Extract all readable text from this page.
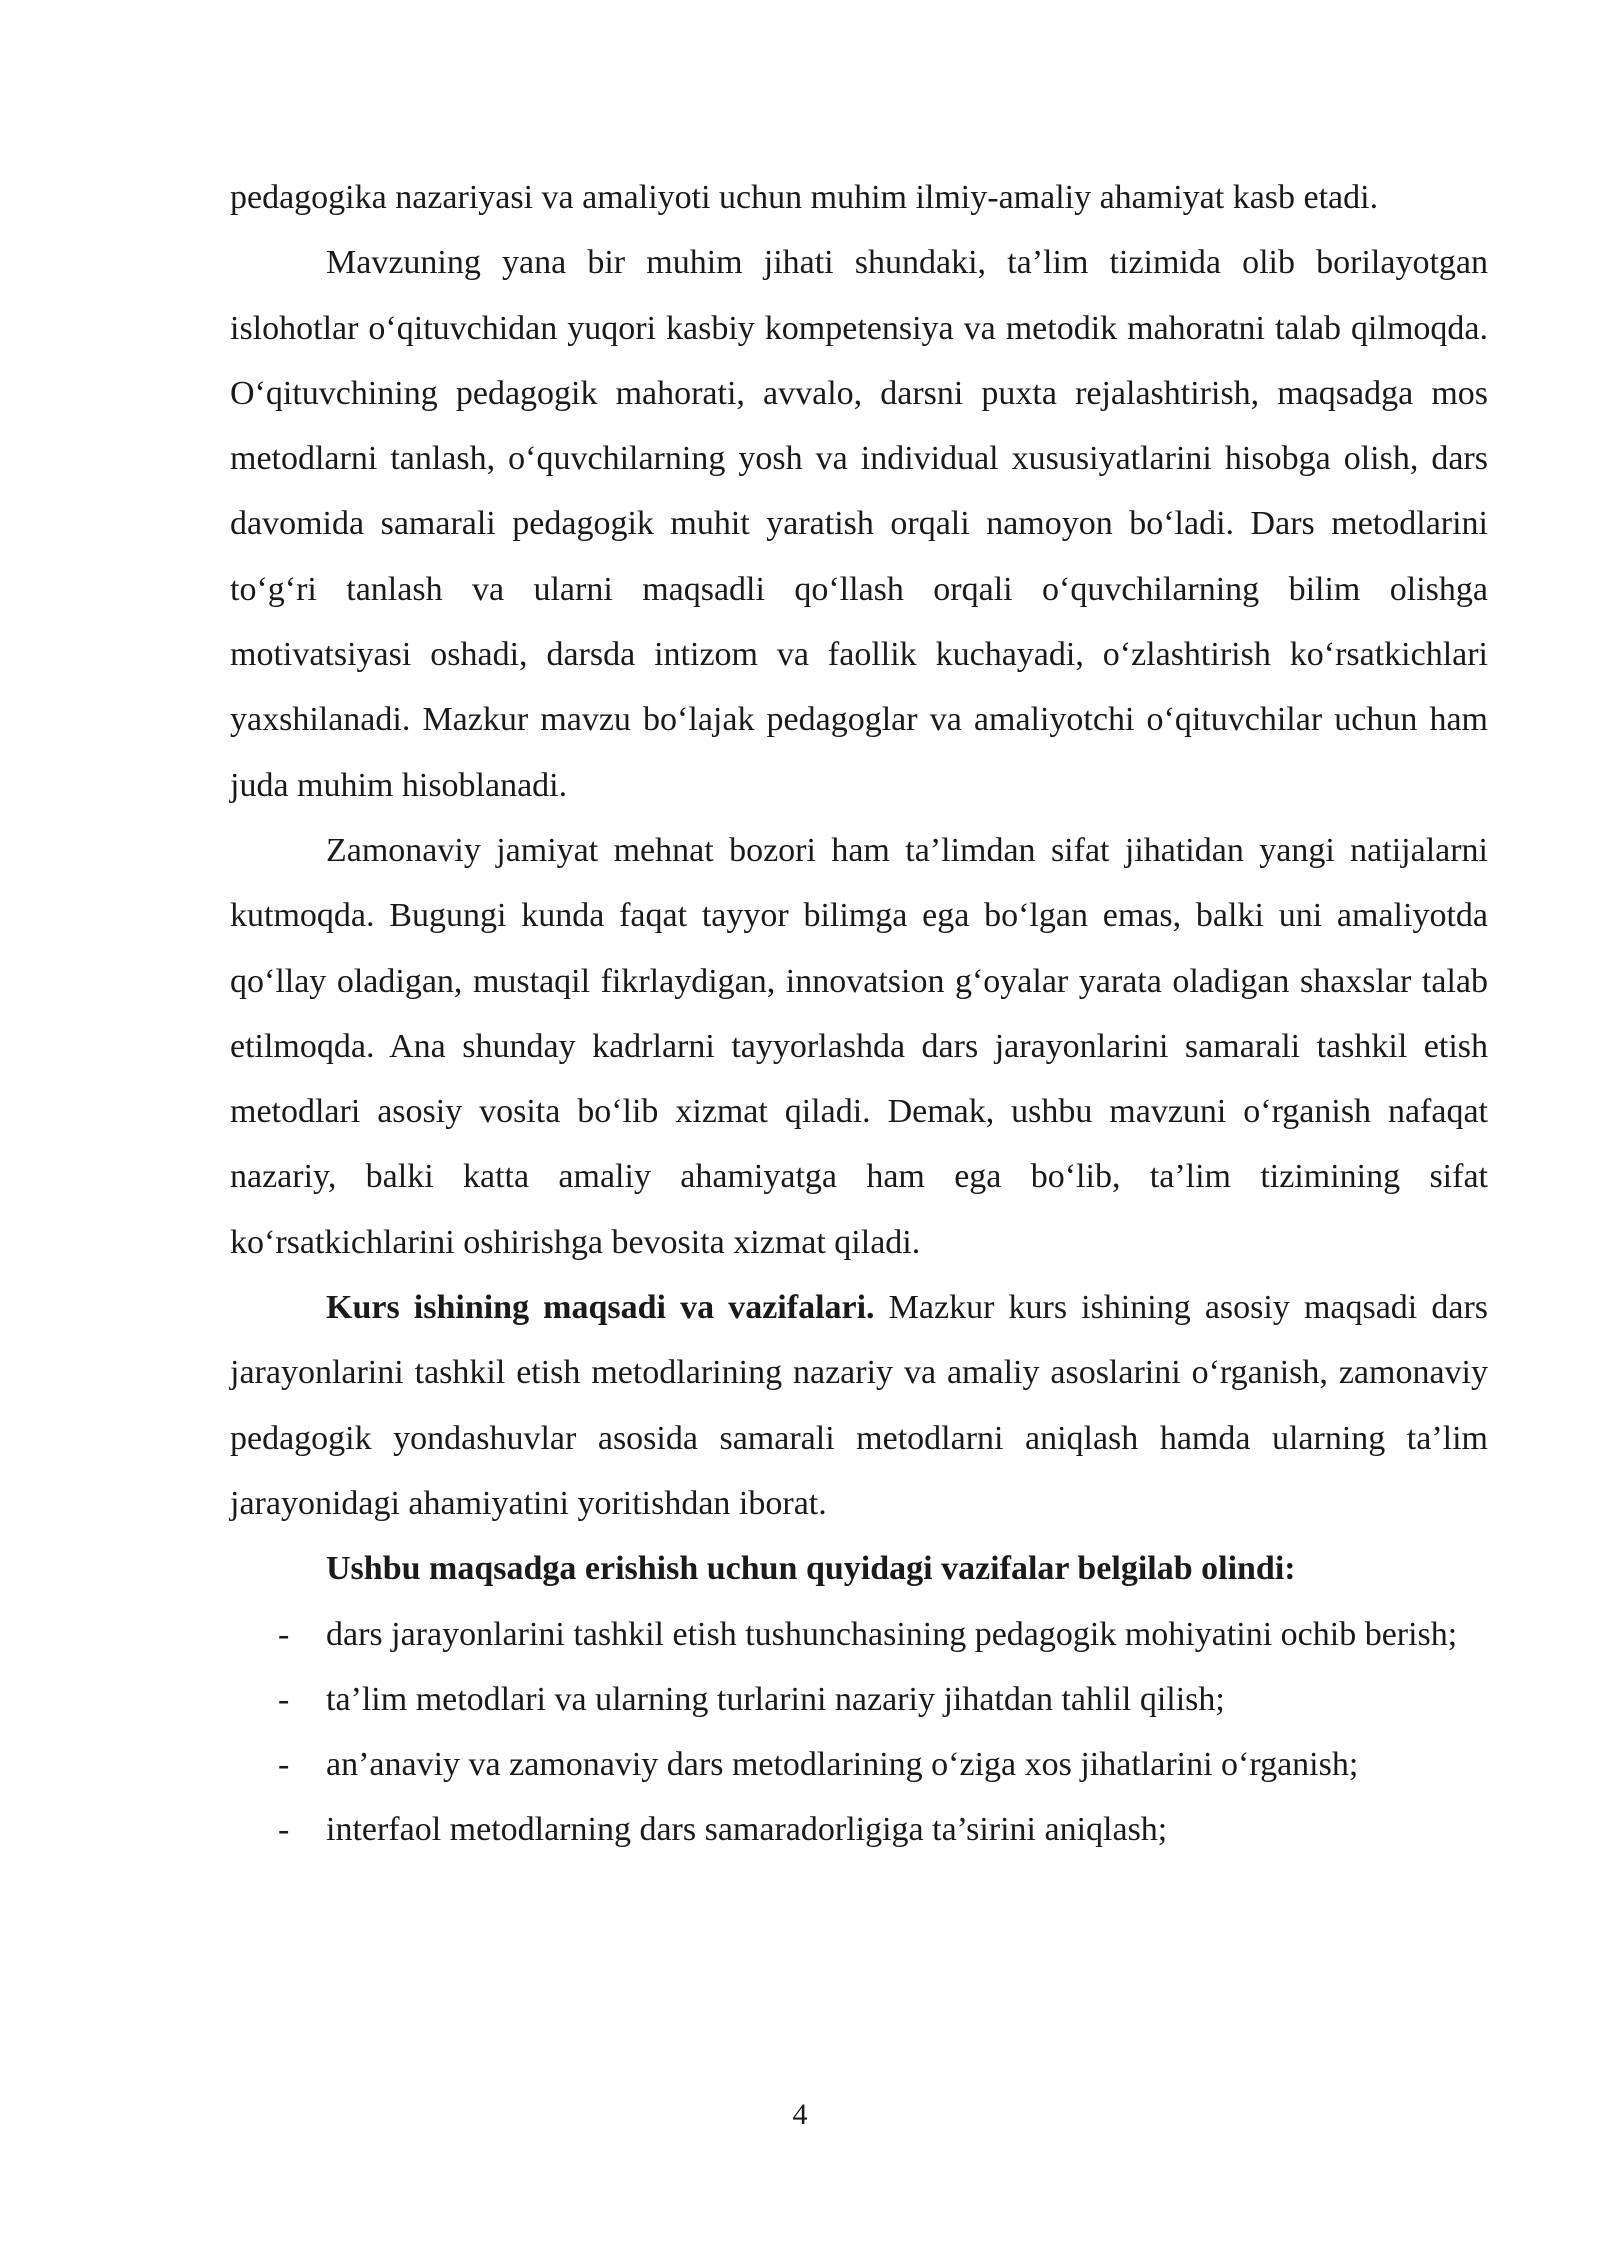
pedagogika nazariyasi va amaliyoti uchun muhim ilmiy-amaliy ahamiyat kasb etadi.

Mavzuning yana bir muhim jihati shundaki, ta’lim tizimida olib borilayotgan islohotlar o‘qituvchidan yuqori kasbiy kompetensiya va metodik mahoratni talab qilmoqda. O‘qituvchining pedagogik mahorati, avvalo, darsni puxta rejalashtirish, maqsadga mos metodlarni tanlash, o‘quvchilarning yosh va individual xususiyatlarini hisobga olish, dars davomida samarali pedagogik muhit yaratish orqali namoyon bo‘ladi. Dars metodlarini to‘g‘ri tanlash va ularni maqsadli qo‘llash orqali o‘quvchilarning bilim olishga motivatsiyasi oshadi, darsda intizom va faollik kuchayadi, o‘zlashtirish ko‘rsatkichlari yaxshilanadi. Mazkur mavzu bo‘lajak pedagoglar va amaliyotchi o‘qituvchilar uchun ham juda muhim hisoblanadi.

Zamonaviy jamiyat mehnat bozori ham ta’limdan sifat jihatidan yangi natijalarni kutmoqda. Bugungi kunda faqat tayyor bilimga ega bo‘lgan emas, balki uni amaliyotda qo‘llay oladigan, mustaqil fikrlaydigan, innovatsion g‘oyalar yarata oladigan shaxslar talab etilmoqda. Ana shunday kadrlarni tayyorlashda dars jarayonlarini samarali tashkil etish metodlari asosiy vosita bo‘lib xizmat qiladi. Demak, ushbu mavzuni o‘rganish nafaqat nazariy, balki katta amaliy ahamiyatga ham ega bo‘lib, ta’lim tizimining sifat ko‘rsatkichlarini oshirishga bevosita xizmat qiladi.

Kurs ishining maqsadi va vazifalari. Mazkur kurs ishining asosiy maqsadi dars jarayonlarini tashkil etish metodlarining nazariy va amaliy asoslarini o‘rganish, zamonaviy pedagogik yondashuvlar asosida samarali metodlarni aniqlash hamda ularning ta’lim jarayonidagi ahamiyatini yoritishdan iborat.

Ushbu maqsadga erishish uchun quyidagi vazifalar belgilab olindi:

- dars jarayonlarini tashkil etish tushunchasining pedagogik mohiyatini ochib berish;
- ta’lim metodlari va ularning turlarini nazariy jihatdan tahlil qilish;
- an’anaviy va zamonaviy dars metodlarining o‘ziga xos jihatlarini o‘rganish;
- interfaol metodlarning dars samaradorligiga ta’sirini aniqlash;
4
